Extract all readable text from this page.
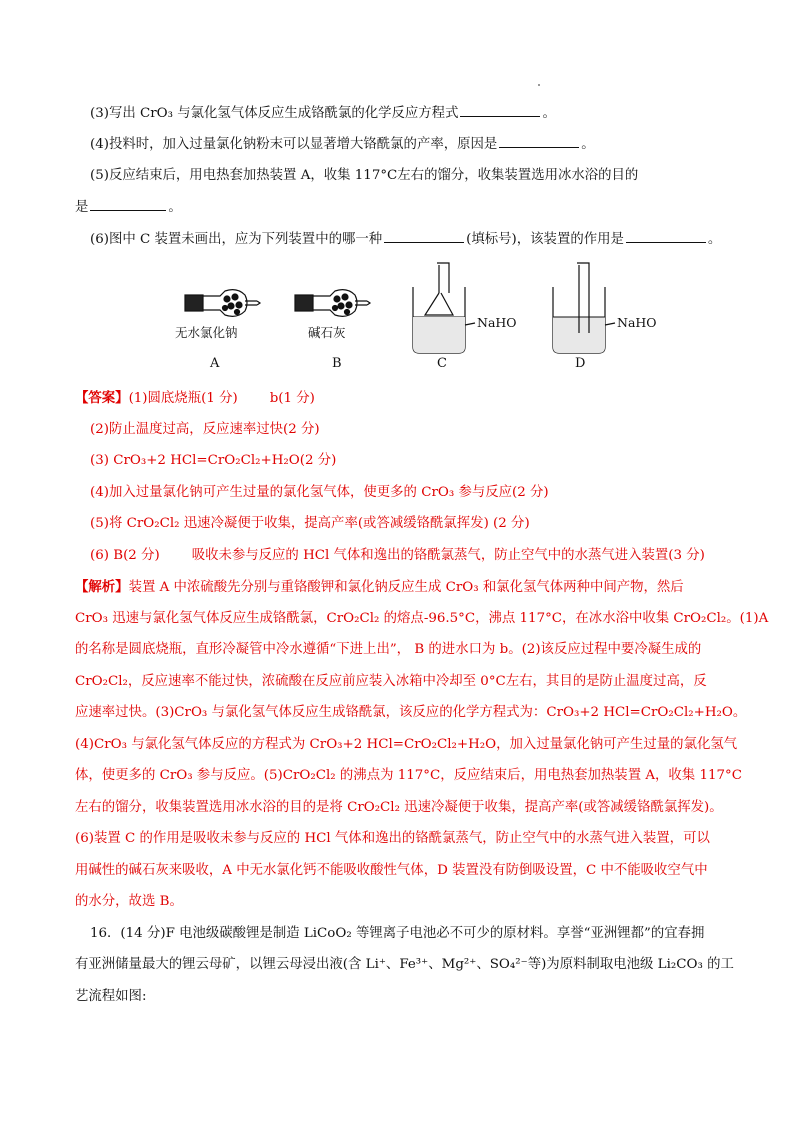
(3)写出 CrO₃ 与氯化氢气体反应生成铬酰氯的化学反应方程式	。
(4)投料时，加入过量氯化钠粉末可以显著增大铬酰氯的产率，原因是	。
(5)反应结束后，用电热套加热装置 A，收集 117°C左右的馏分，收集装置选用冰水浴的目的
是	。
(6)图中 C 装置未画出，应为下列装置中的哪一种	(填标号)，该装置的作用是	。
无水氯化钠	碱石灰
NaHO	NaHO
A	B	C	D
【答案】(1)圆底烧瓶(1 分) b(1 分)
(2)防止温度过高，反应速率过快(2 分)
(3) CrO₃+2 HCl=CrO₂Cl₂+H₂O(2 分)
(4)加入过量氯化钠可产生过量的氯化氢气体，使更多的 CrO₃ 参与反应(2 分)
(5)将 CrO₂Cl₂ 迅速冷凝便于收集，提高产率(或答减缓铬酰氯挥发) (2 分)
(6) B(2 分) 吸收未参与反应的 HCl 气体和逸出的铬酰氯蒸气，防止空气中的水蒸气进入装置(3 分)
【解析】装置 A 中浓硫酸先分别与重铬酸钾和氯化钠反应生成 CrO₃ 和氯化氢气体两种中间产物，然后
CrO₃ 迅速与氯化氢气体反应生成铬酰氯，CrO₂Cl₂ 的熔点-96.5°C，沸点 117°C，在冰水浴中收集 CrO₂Cl₂。(1)A
的名称是圆底烧瓶，直形冷凝管中冷水遵循“下进上出”， B 的进水口为 b。(2)该反应过程中要冷凝生成的
CrO₂Cl₂，反应速率不能过快，浓硫酸在反应前应装入冰箱中冷却至 0°C左右，其目的是防止温度过高，反
应速率过快。(3)CrO₃ 与氯化氢气体反应生成铬酰氯，该反应的化学方程式为：CrO₃+2 HCl=CrO₂Cl₂+H₂O。
(4)CrO₃ 与氯化氢气体反应的方程式为 CrO₃+2 HCl=CrO₂Cl₂+H₂O，加入过量氯化钠可产生过量的氯化氢气
体，使更多的 CrO₃ 参与反应。(5)CrO₂Cl₂ 的沸点为 117°C，反应结束后，用电热套加热装置 A，收集 117°C
左右的馏分，收集装置选用冰水浴的目的是将 CrO₂Cl₂ 迅速冷凝便于收集，提高产率(或答减缓铬酰氯挥发)。
(6)装置 C 的作用是吸收未参与反应的 HCl 气体和逸出的铬酰氯蒸气，防止空气中的水蒸气进入装置，可以
用碱性的碱石灰来吸收，A 中无水氯化钙不能吸收酸性气体，D 装置没有防倒吸设置，C 中不能吸收空气中
的水分，故选 B。
16．(14 分)F 电池级碳酸锂是制造 LiCoO₂ 等锂离子电池必不可少的原材料。享誉“亚洲锂都”的宜春拥
有亚洲储量最大的锂云母矿，以锂云母浸出液(含 Li⁺、Fe³⁺、Mg²⁺、SO₄²⁻等)为原料制取电池级 Li₂CO₃ 的工
艺流程如图:
